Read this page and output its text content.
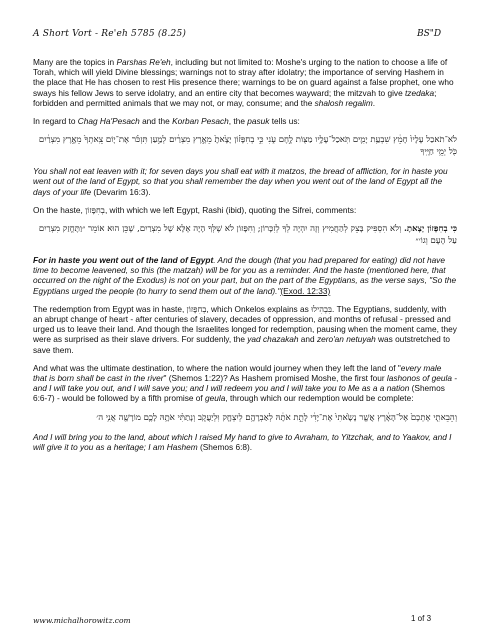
A Short Vort - Re'eh 5785 (8.25)	BS"D

Many are the topics in Parshas Re'eh, including but not limited to: Moshe's urging to the nation to choose a life of Torah, which will yield Divine blessings; warnings not to stray after idolatry; the importance of serving Hashem in the place that He has chosen to rest His presence there; warnings to be on guard against a false prophet, one who sways his fellow Jews to serve idolatry, and an entire city that becomes wayward; the mitzvah to give tzedaka; forbidden and permitted animals that we may not, or may, consume; and the shalosh regalim.

In regard to Chag Ha'Pesach and the Korban Pesach, the pasuk tells us:

לֹא־תֹאכַל עָלָיו֙ חָמֵ֔ץ שִׁבְעַ֥ת יָמִ֛ים תֹּֽאכַל־עָלָ֥יו מַצּ֖וֹת לֶ֣חֶם עֹ֑נִי כִּ֣י בְחִפָּז֗וֹן יָצָ֙אתָ֙ מֵאֶ֣רֶץ מִצְרַ֔יִם לְמַ֣עַן תִּזְכֹּ֗ר אֶת־י֤וֹם צֵֽאתְךָ֙ מֵאֶ֣רֶץ מִצְרַ֔יִם כֹּ֖ל יְמֵ֥י חַיֶּֽיךָ

You shall not eat leaven with it; for seven days you shall eat with it matzos, the bread of affliction, for in haste you went out of the land of Egypt, so that you shall remember the day when you went out of the land of Egypt all the days of your life (Devarim 16:3).

On the haste, בְחִפָּזוֹן, with which we left Egypt, Rashi (ibid), quoting the Sifrei, comments:

כִּי בְחִפָּזוֹן יָצָאתָ. וְלֹא הִסְפִּיק בָּצֵק לְהַחֲמִיץ וְזֶה יִהְיֶה לְךָ לְזִכָּרוֹן; וְחִפָּזוֹן לֹא שֶׁלְּךָ הָיָה אֶלָּא שֶׁל מִצְרַיִם, שֶׁכֵּן הוּא אוֹמֵר ״וַתֶּחֱזַק מִצְרַיִם עַל הָעָם וְגוֹ׳״

For in haste you went out of the land of Egypt. And the dough (that you had prepared for eating) did not have time to become leavened, so this (the matzah) will be for you as a reminder. And the haste (mentioned here, that occurred on the night of the Exodus) is not on your part, but on the part of the Egyptians, as the verse says, "So the Egyptians urged the people (to hurry to send them out of the land)."(Exod. 12:33)

The redemption from Egypt was in haste, בְחִפָּזוֹן, which Onkelos explains as בִּבְהִילוּ. The Egyptians, suddenly, with an abrupt change of heart - after centuries of slavery, decades of oppression, and months of refusal - pressed and urged us to leave their land. And though the Israelites longed for redemption, pausing when the moment came, they were as surprised as their slave drivers. For suddenly, the yad chazakah and zero'an netuyah was outstretched to save them.

And what was the ultimate destination, to where the nation would journey when they left the land of "every male that is born shall be cast in the river" (Shemos 1:22)? As Hashem promised Moshe, the first four lashonos of geula - and I will take you out, and I will save you; and I will redeem you and I will take you to Me as a a nation (Shemos 6:6-7) - would be followed by a fifth promise of geula, through which our redemption would be complete:

וְהֵבֵאתִ֤י אֶתְכֶם֙ אֶל־הָאָ֔רֶץ אֲשֶׁ֤ר נָשָׂ֙אתִי֙ אֶת־יָדִ֔י לָתֵ֣ת אֹתָ֔הּ לְאַבְרָהָ֥ם לְיִצְחָ֖ק וּֽלְיַעֲקֹ֑ב וְנָתַתִּ֨י אֹתָ֥הּ לָכֶ֛ם מוֹרָשָׁ֖ה אֲנִ֥י ה׳

And I will bring you to the land, about which I raised My hand to give to Avraham, to Yitzchak, and to Yaakov, and I will give it to you as a heritage; I am Hashem (Shemos 6:8).

www.michalhorowitz.com	1 of 3
